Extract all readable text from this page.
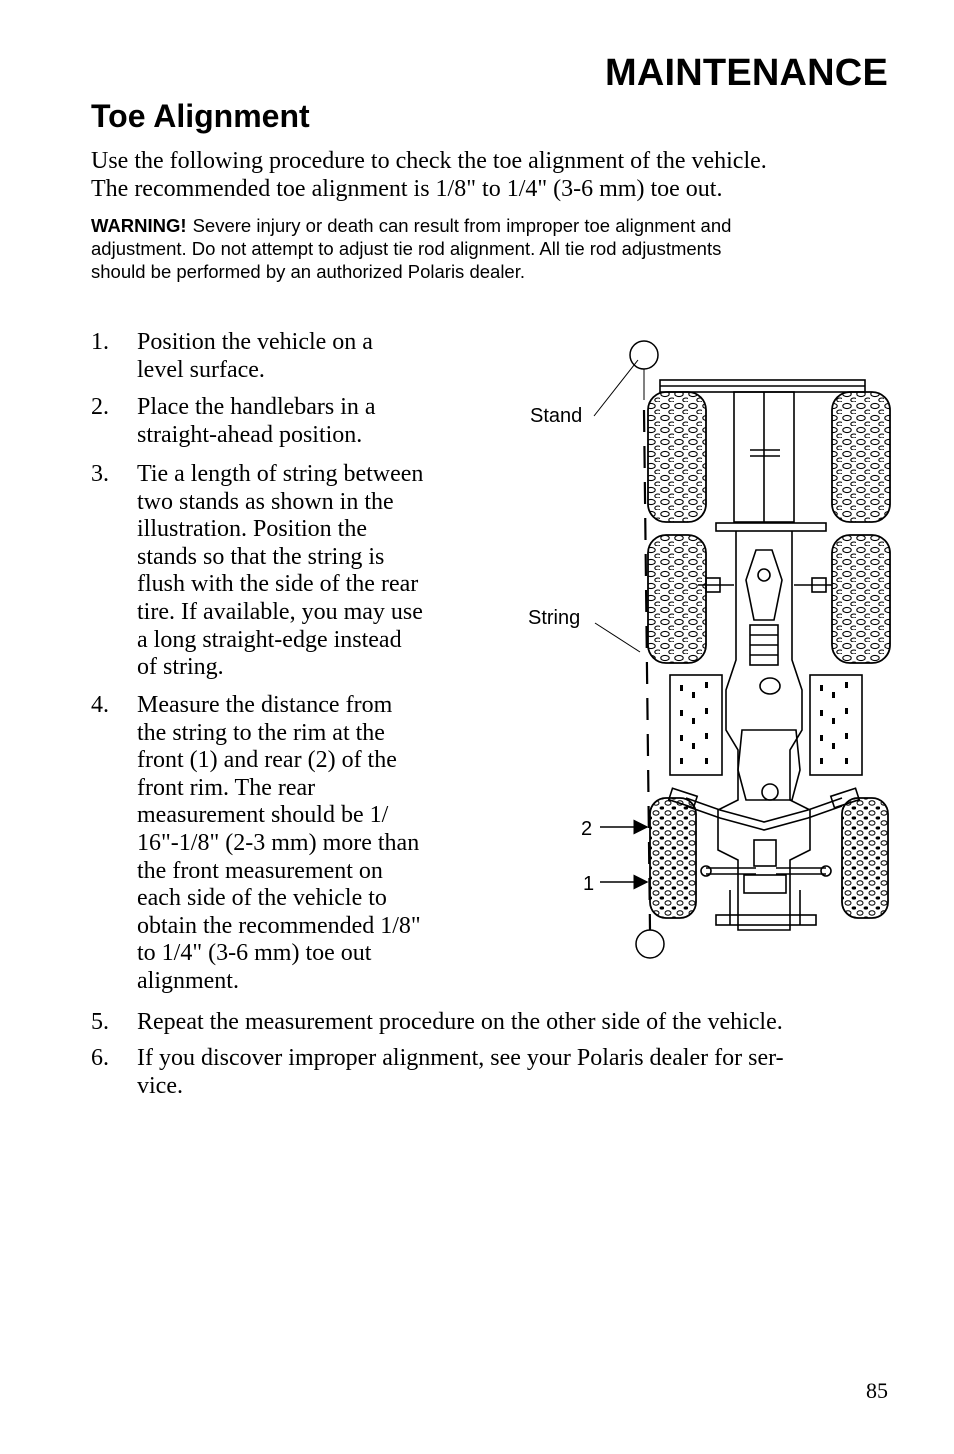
MAINTENANCE
Toe Alignment
Use the following procedure to check the toe alignment of the vehicle.
The recommended toe alignment is 1/8" to 1/4" (3-6 mm) toe out.
WARNING! Severe injury or death can result from improper toe alignment and
adjustment. Do not attempt to adjust tie rod alignment. All tie rod adjustments
should be performed by an authorized Polaris dealer.
1. Position the vehicle on a
level surface.
2. Place the handlebars in a
straight-ahead position.
3. Tie a length of string between
two stands as shown in the
illustration. Position the
stands so that the string is
flush with the side of the rear
tire. If available, you may use
a long straight-edge instead
of string.
4. Measure the distance from
the string to the rim at the
front (1) and rear (2) of the
front rim. The rear
measurement should be 1/
16"-1/8" (2-3 mm) more than
the front measurement on
each side of the vehicle to
obtain the recommended 1/8"
to 1/4" (3-6 mm) toe out
alignment.
5. Repeat the measurement procedure on the other side of the vehicle.
6. If you discover improper alignment, see your Polaris dealer for ser-
vice.
Stand
String
2
1
85
